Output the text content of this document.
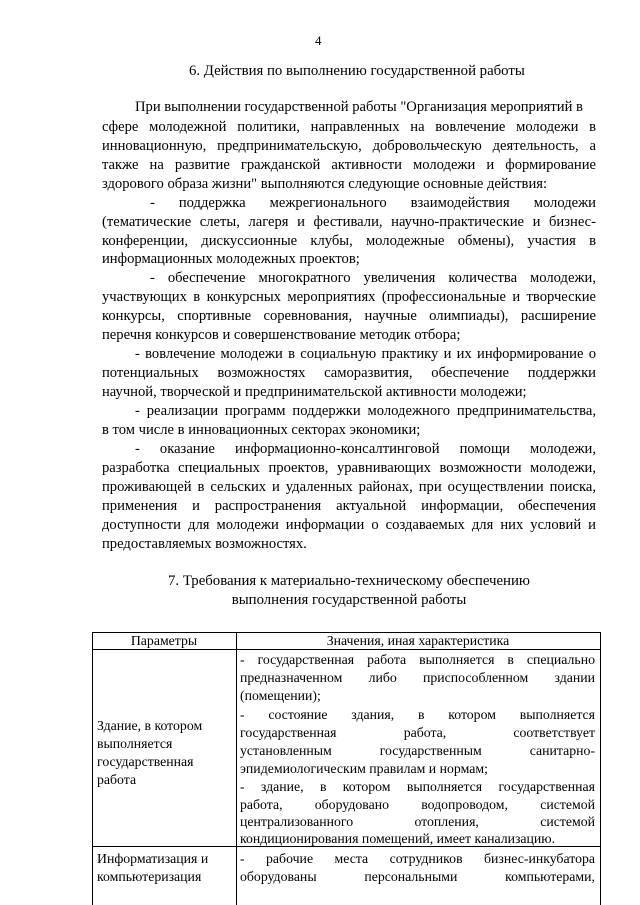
4
6. Действия по выполнению государственной работы
При выполнении государственной работы "Организация мероприятий в
сфере молодежной политики, направленных на вовлечение молодежи в
инновационную, предпринимательскую, добровольческую деятельность, а
также на развитие гражданской активности молодежи и формирование
здорового образа жизни" выполняются следующие основные действия:
- поддержка межрегионального взаимодействия молодежи
(тематические слеты, лагеря и фестивали, научно-практические и бизнес-
конференции, дискуссионные клубы, молодежные обмены), участия в
информационных молодежных проектов;
- обеспечение многократного увеличения количества молодежи,
участвующих в конкурсных мероприятиях (профессиональные и творческие
конкурсы, спортивные соревнования, научные олимпиады), расширение
перечня конкурсов и совершенствование методик отбора;
- вовлечение молодежи в социальную практику и их информирование о
потенциальных возможностях саморазвития, обеспечение поддержки
научной, творческой и предпринимательской активности молодежи;
- реализации программ поддержки молодежного предпринимательства,
в том числе в инновационных секторах экономики;
- оказание информационно-консалтинговой помощи молодежи,
разработка специальных проектов, уравнивающих возможности молодежи,
проживающей в сельских и удаленных районах, при осуществлении поиска,
применения и распространения актуальной информации, обеспечения
доступности для молодежи информации о создаваемых для них условий и
предоставляемых возможностях.
7. Требования к материально-техническому обеспечению
выполнения государственной работы
Параметры	Значения, иная характеристика
Здание, в котором
выполняется
государственная
работа
- государственная работа выполняется в специально
предназначенном либо приспособленном здании
(помещении);
- состояние здания, в котором выполняется
государственная работа, соответствует
установленным государственным санитарно-
эпидемиологическим правилам и нормам;
- здание, в котором выполняется государственная
работа, оборудовано водопроводом, системой
централизованного отопления, системой
кондиционирования помещений, имеет канализацию.
Информатизация и
компьютеризация
- рабочие места сотрудников бизнес-инкубатора
оборудованы персональными компьютерами,
